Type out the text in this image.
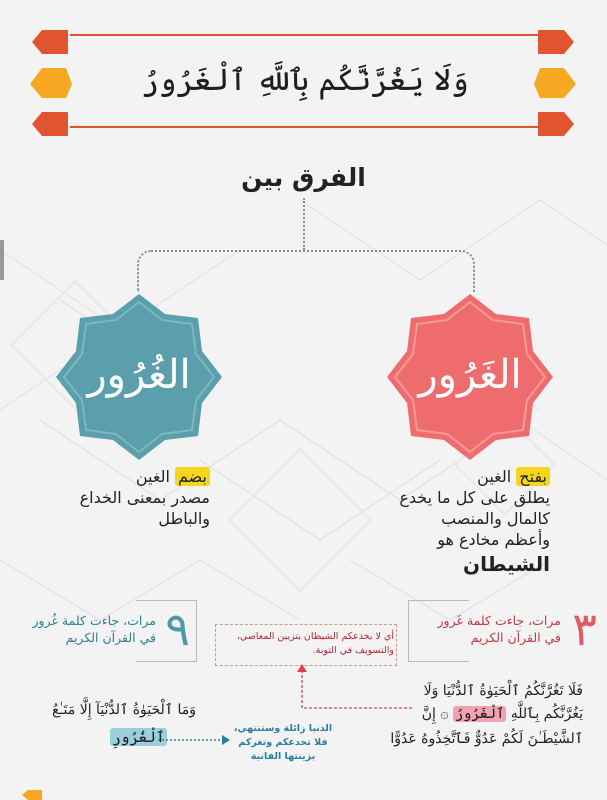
وَلَا يَغُرَّنَّكُم بِٱللَّهِ ٱلْغَرُورُ
الفرق بين
الغُرُور	الغَرُور
بفتح الغين
يطلق على كل ما يخدع
كالمال والمنصب
وأعظم مخادع هو
الشيطان
بضم الغين
مصدر بمعنى الخداع
والباطل
٣
مرات، جاءت كلمة غَرور في القرآن الكريم
٩
مرات، جاءت كلمة غُرور في القرآن الكريم	أي لا يخدعكم الشيطان بتزيين المعاصي، والتسويف في التوبة.
فَلَا تَغُرَّنَّكُمُ ٱلْحَيَوٰةُ ٱلدُّنْيَا وَلَا
يَغُرَّنَّكُم بِٱللَّهِ ٱلْغَرُورُ ۞ إِنَّ
ٱلشَّيْطَـٰنَ لَكُمْ عَدُوٌّ فَٱتَّخِذُوهُ عَدُوًّا
وَمَا ٱلْحَيَوٰةُ ٱلدُّنْيَآ إِلَّا مَتَـٰعُ
ٱلْغُرُورِ	الدنيا زائلة وستنتهي، فلا تخدعكم وتغركم بزينتها الفانية
